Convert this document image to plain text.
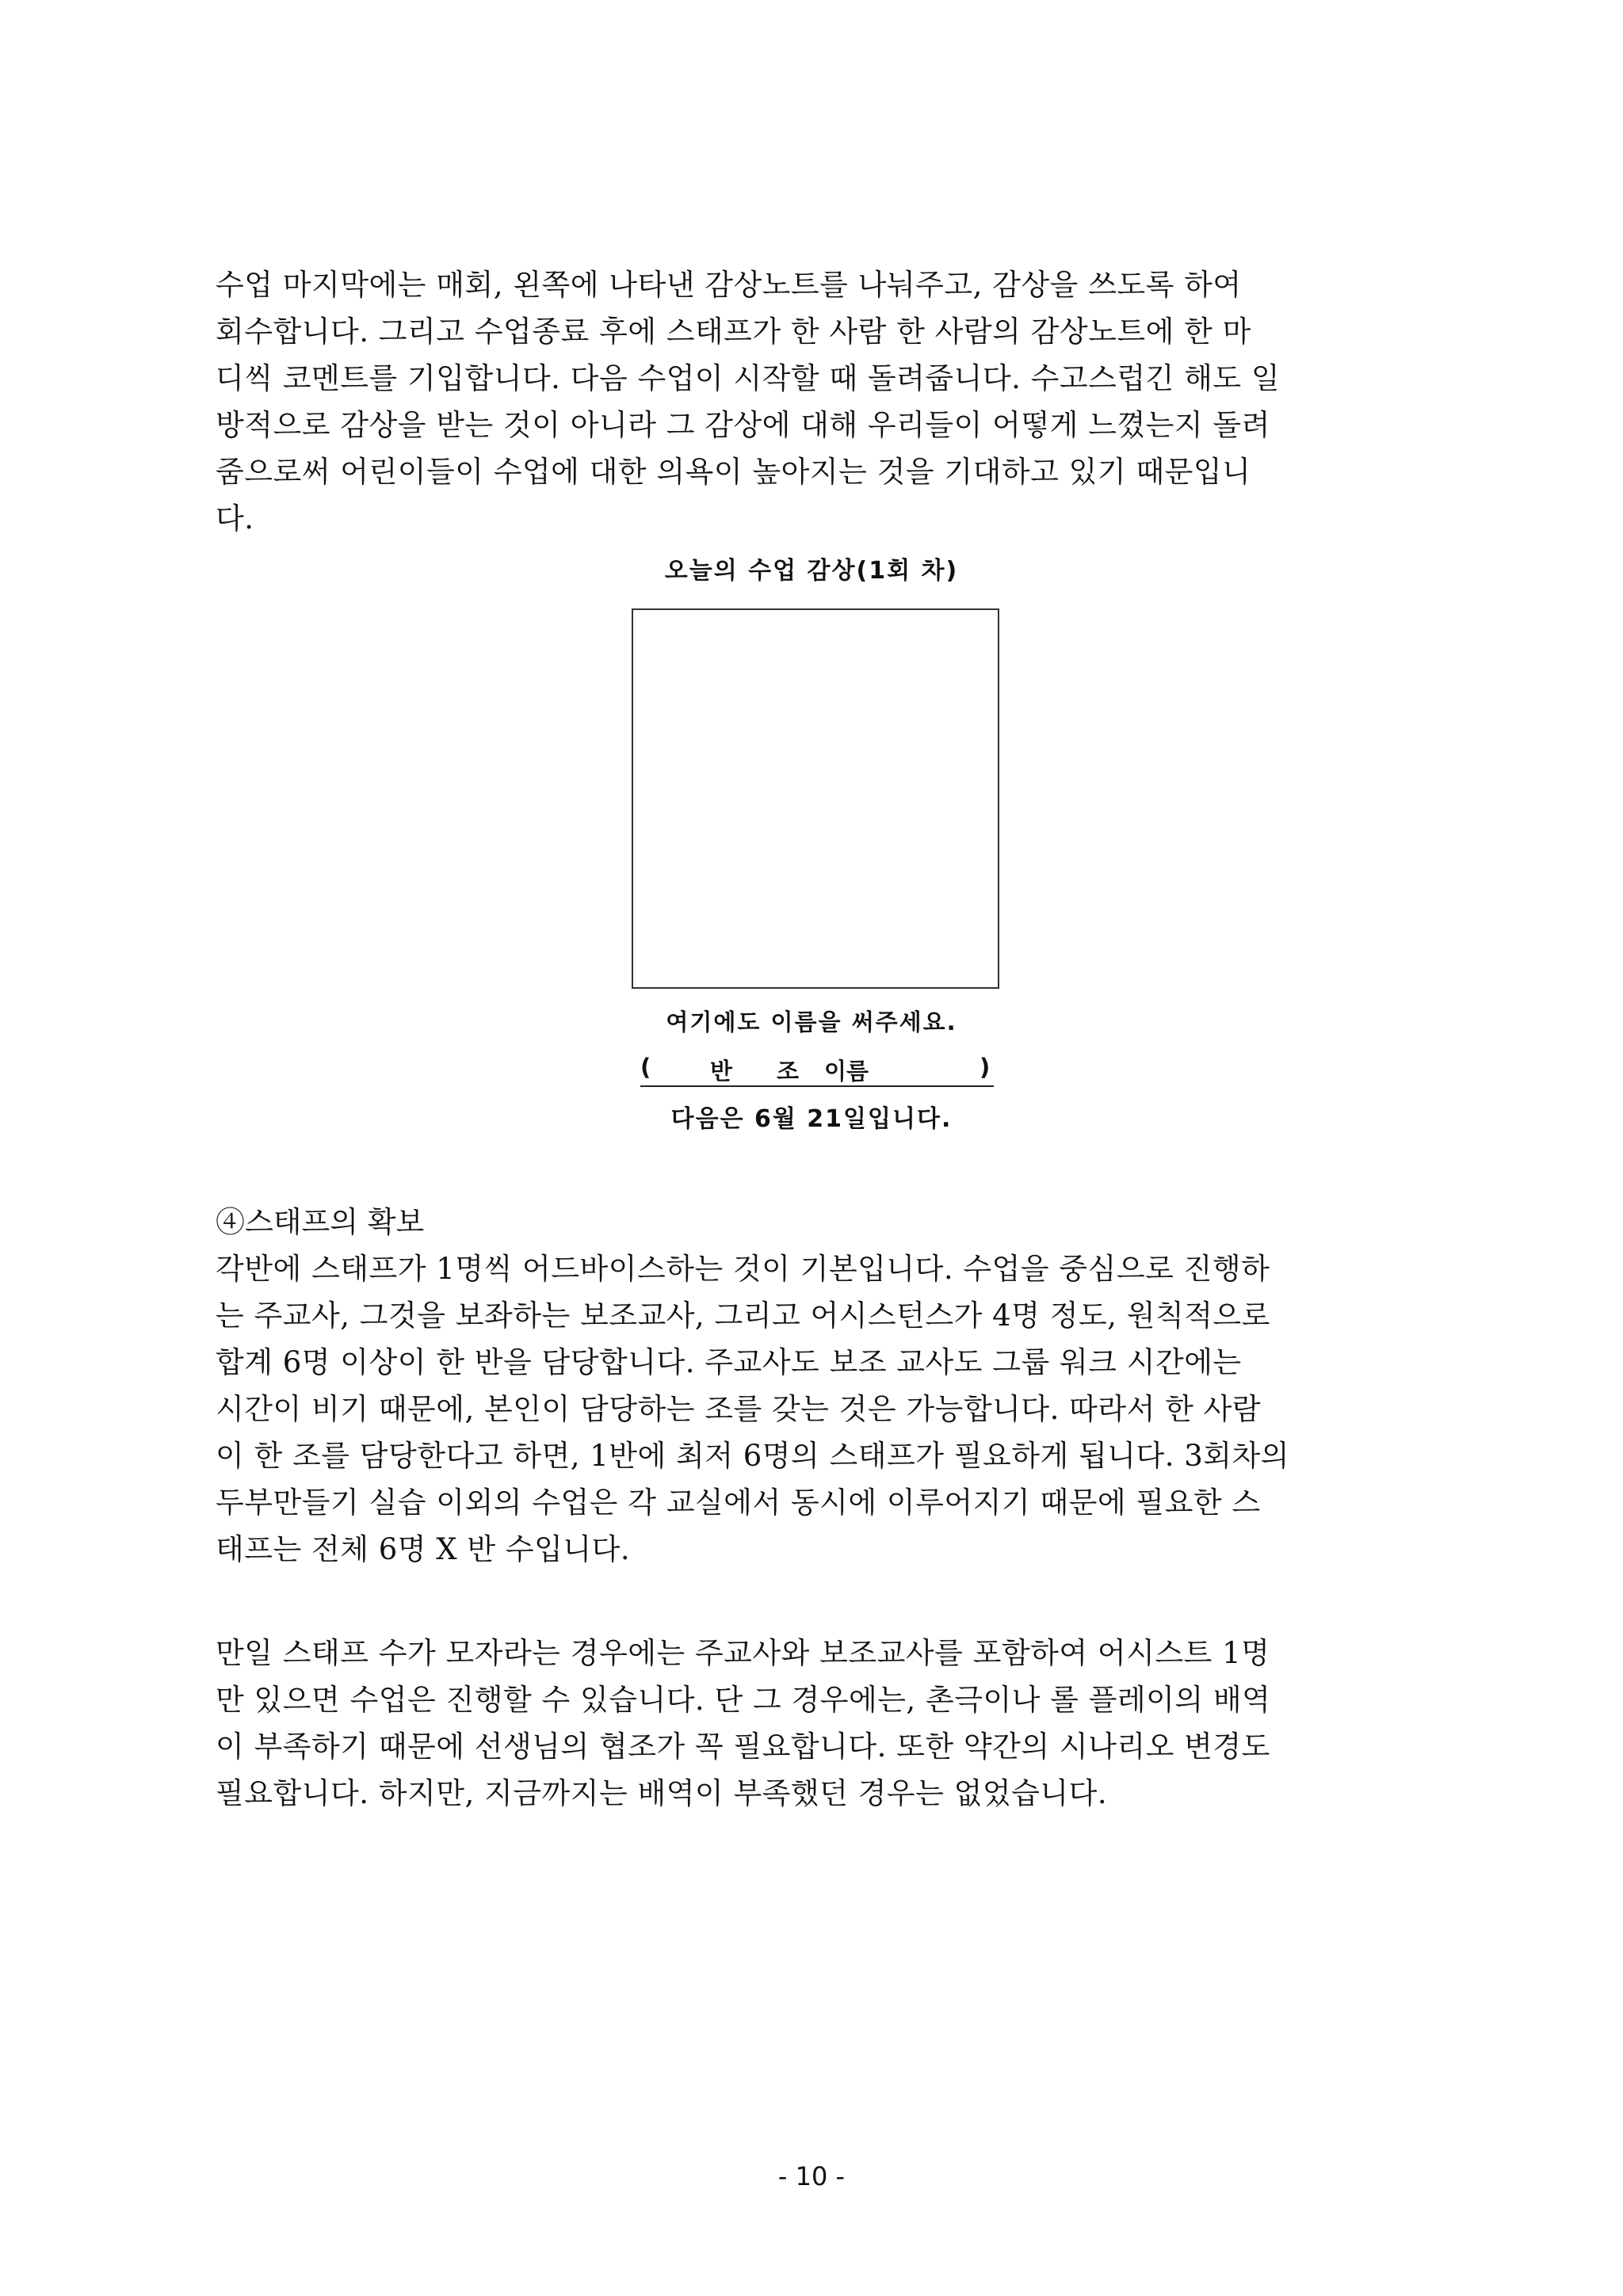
수업 마지막에는 매회, 왼쪽에 나타낸 감상노트를 나눠주고, 감상을 쓰도록 하여
회수합니다. 그리고 수업종료 후에 스태프가 한 사람 한 사람의 감상노트에 한 마
디씩 코멘트를 기입합니다. 다음 수업이 시작할 때 돌려줍니다. 수고스럽긴 해도 일
방적으로 감상을 받는 것이 아니라 그 감상에 대해 우리들이 어떻게 느꼈는지 돌려
줌으로써 어린이들이 수업에 대한 의욕이 높아지는 것을 기대하고 있기 때문입니
다.
오늘의 수업 감상(1회 차)
여기에도 이름을 써주세요.
(	반 조 이름	)
다음은 6월 21일입니다.
④스태프의 확보
각반에 스태프가 1명씩 어드바이스하는 것이 기본입니다. 수업을 중심으로 진행하
는 주교사, 그것을 보좌하는 보조교사, 그리고 어시스턴스가 4명 정도, 원칙적으로
합계 6명 이상이 한 반을 담당합니다. 주교사도 보조 교사도 그룹 워크 시간에는
시간이 비기 때문에, 본인이 담당하는 조를 갖는 것은 가능합니다. 따라서 한 사람
이 한 조를 담당한다고 하면, 1반에 최저 6명의 스태프가 필요하게 됩니다. 3회차의
두부만들기 실습 이외의 수업은 각 교실에서 동시에 이루어지기 때문에 필요한 스
태프는 전체 6명 X 반 수입니다.
만일 스태프 수가 모자라는 경우에는 주교사와 보조교사를 포함하여 어시스트 1명
만 있으면 수업은 진행할 수 있습니다. 단 그 경우에는, 촌극이나 롤 플레이의 배역
이 부족하기 때문에 선생님의 협조가 꼭 필요합니다. 또한 약간의 시나리오 변경도
필요합니다. 하지만, 지금까지는 배역이 부족했던 경우는 없었습니다.
- 10 -
